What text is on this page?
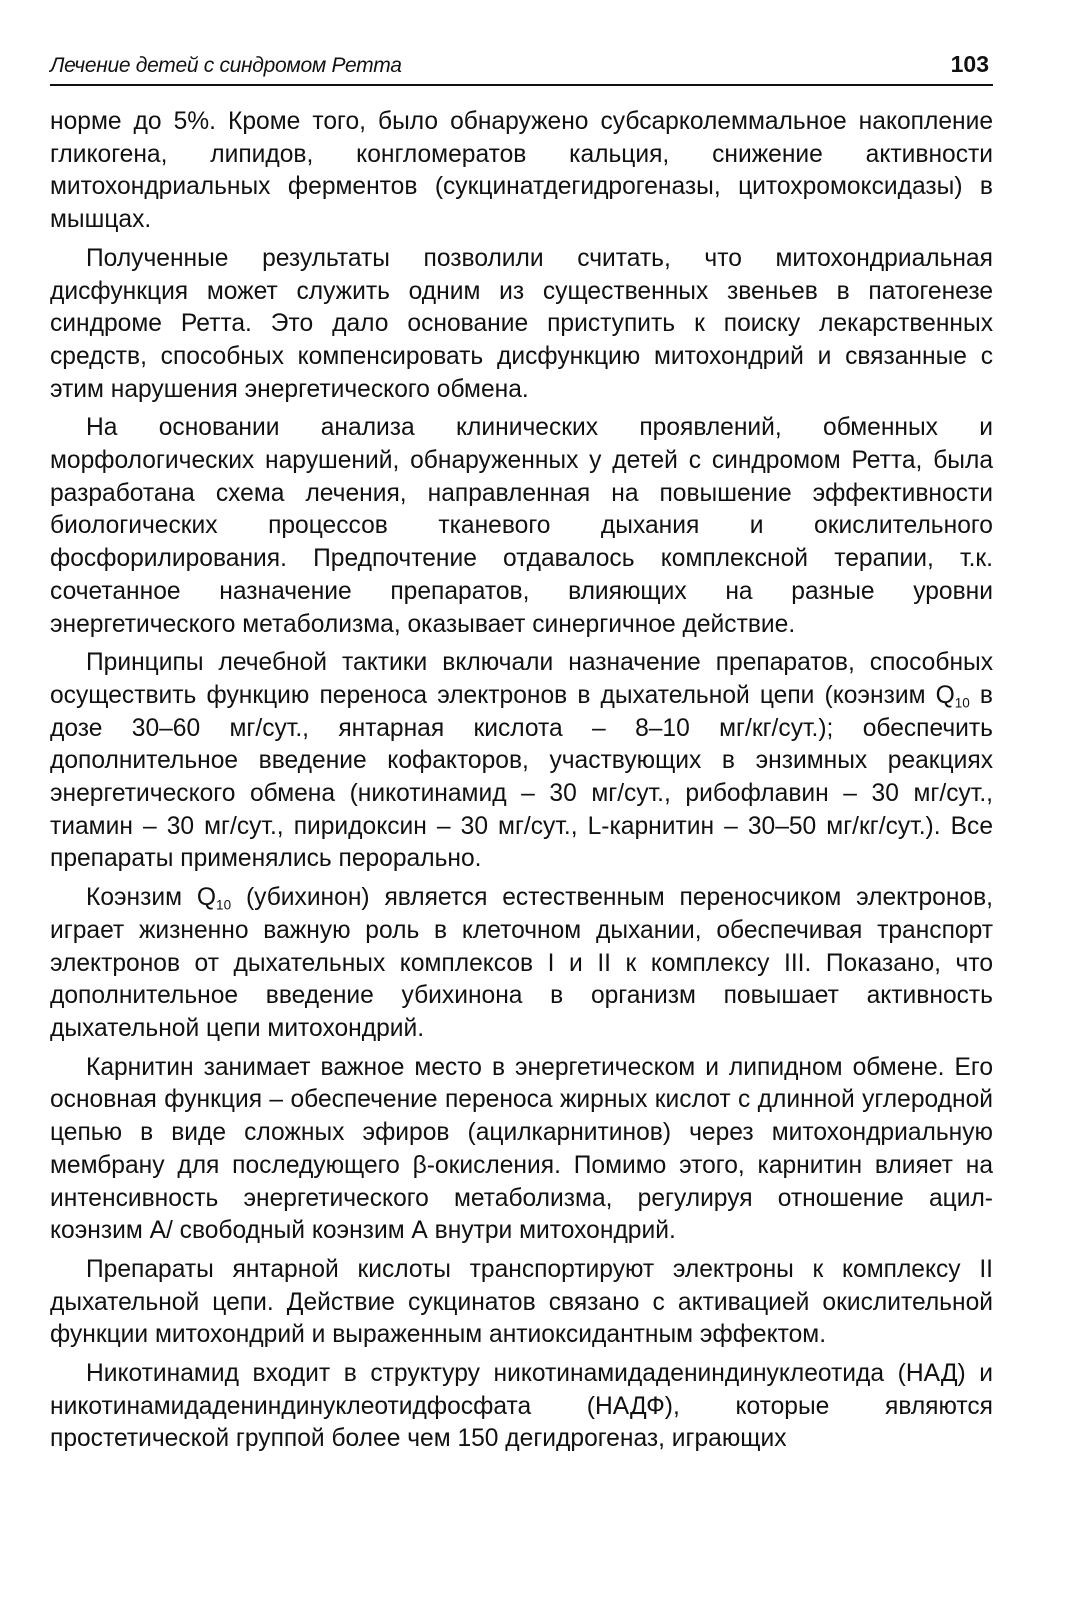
Лечение детей с синдромом Ретта	103

норме до 5%. Кроме того, было обнаружено субсарколеммальное накопление гликогена, липидов, конгломератов кальция, снижение активности митохондриальных ферментов (сукцинатдегидрогеназы, цитохромоксидазы) в мышцах.

Полученные результаты позволили считать, что митохондриальная дисфункция может служить одним из существенных звеньев в патогенезе синдроме Ретта. Это дало основание приступить к поиску лекарственных средств, способных компенсировать дисфункцию митохондрий и связанные с этим нарушения энергетического обмена.

На основании анализа клинических проявлений, обменных и морфологических нарушений, обнаруженных у детей с синдромом Ретта, была разработана схема лечения, направленная на повышение эффективности биологических процессов тканевого дыхания и окислительного фосфорилирования. Предпочтение отдавалось комплексной терапии, т.к. сочетанное назначение препаратов, влияющих на разные уровни энергетического метаболизма, оказывает синергичное действие.

Принципы лечебной тактики включали назначение препаратов, способных осуществить функцию переноса электронов в дыхательной цепи (коэнзим $Q_{10}$ в дозе 30–60 мг/сут., янтарная кислота – 8–10 мг/кг/сут.); обеспечить дополнительное введение кофакторов, участвующих в энзимных реакциях энергетического обмена (никотинамид – 30 мг/сут., рибофлавин – 30 мг/сут., тиамин – 30 мг/сут., пиридоксин – 30 мг/сут., L-карнитин – 30–50 мг/кг/сут.). Все препараты применялись перорально.

Коэнзим $Q_{10}$ (убихинон) является естественным переносчиком электронов, играет жизненно важную роль в клеточном дыхании, обеспечивая транспорт электронов от дыхательных комплексов I и II к комплексу III. Показано, что дополнительное введение убихинона в организм повышает активность дыхательной цепи митохондрий.

Карнитин занимает важное место в энергетическом и липидном обмене. Его основная функция – обеспечение переноса жирных кислот с длинной углеродной цепью в виде сложных эфиров (ацилкарнитинов) через митохондриальную мембрану для последующего β-окисления. Помимо этого, карнитин влияет на интенсивность энергетического метаболизма, регулируя отношение ацил-коэнзим А/ свободный коэнзим А внутри митохондрий.

Препараты янтарной кислоты транспортируют электроны к комплексу II дыхательной цепи. Действие сукцинатов связано с активацией окислительной функции митохондрий и выраженным антиоксидантным эффектом.

Никотинамид входит в структуру никотинамидадениндинуклеотида (НАД) и никотинамидадениндинуклеотидфосфата (НАДФ), которые являются простетической группой более чем 150 дегидрогеназ, играющих
